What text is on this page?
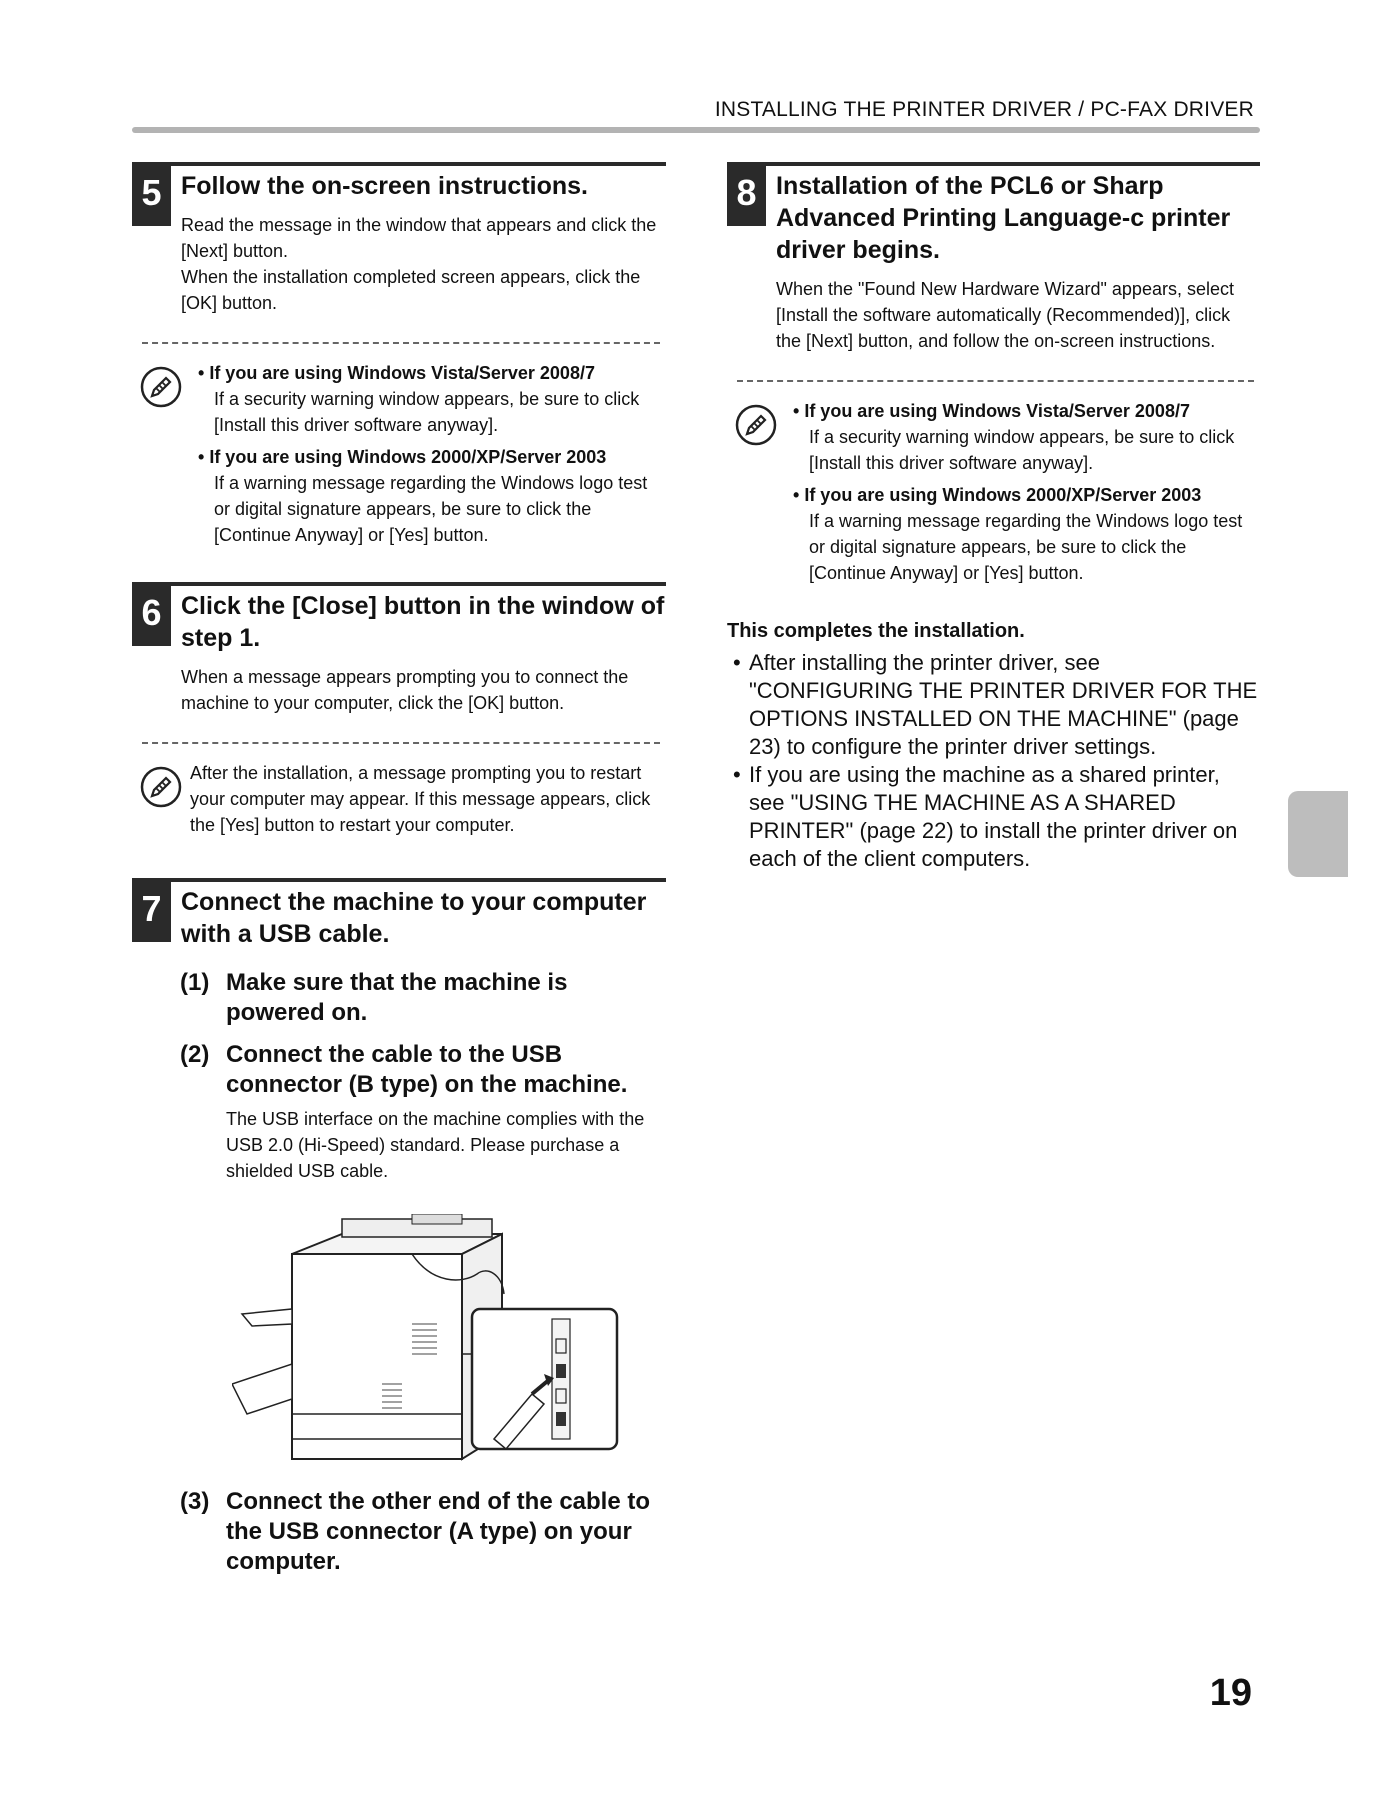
INSTALLING THE PRINTER DRIVER / PC-FAX DRIVER
5 Follow the on-screen instructions.

Read the message in the window that appears and click the [Next] button.

When the installation completed screen appears, click the [OK] button.

• If you are using Windows Vista/Server 2008/7
If a security warning window appears, be sure to click [Install this driver software anyway].
• If you are using Windows 2000/XP/Server 2003
If a warning message regarding the Windows logo test or digital signature appears, be sure to click the [Continue Anyway] or [Yes] button.
6 Click the [Close] button in the window of step 1.

When a message appears prompting you to connect the machine to your computer, click the [OK] button.

After the installation, a message prompting you to restart your computer may appear. If this message appears, click the [Yes] button to restart your computer.
7 Connect the machine to your computer with a USB cable.
(1) Make sure that the machine is powered on.
(2) Connect the cable to the USB connector (B type) on the machine.
The USB interface on the machine complies with the USB 2.0 (Hi-Speed) standard. Please purchase a shielded USB cable.
(3) Connect the other end of the cable to the USB connector (A type) on your computer.
8 Installation of the PCL6 or Sharp Advanced Printing Language-c printer driver begins.

When the "Found New Hardware Wizard" appears, select [Install the software automatically (Recommended)], click the [Next] button, and follow the on-screen instructions.

• If you are using Windows Vista/Server 2008/7
If a security warning window appears, be sure to click [Install this driver software anyway].
• If you are using Windows 2000/XP/Server 2003
If a warning message regarding the Windows logo test or digital signature appears, be sure to click the [Continue Anyway] or [Yes] button.
This completes the installation.
• After installing the printer driver, see "CONFIGURING THE PRINTER DRIVER FOR THE OPTIONS INSTALLED ON THE MACHINE" (page 23) to configure the printer driver settings.
• If you are using the machine as a shared printer, see "USING THE MACHINE AS A SHARED PRINTER" (page 22) to install the printer driver on each of the client computers.
19
